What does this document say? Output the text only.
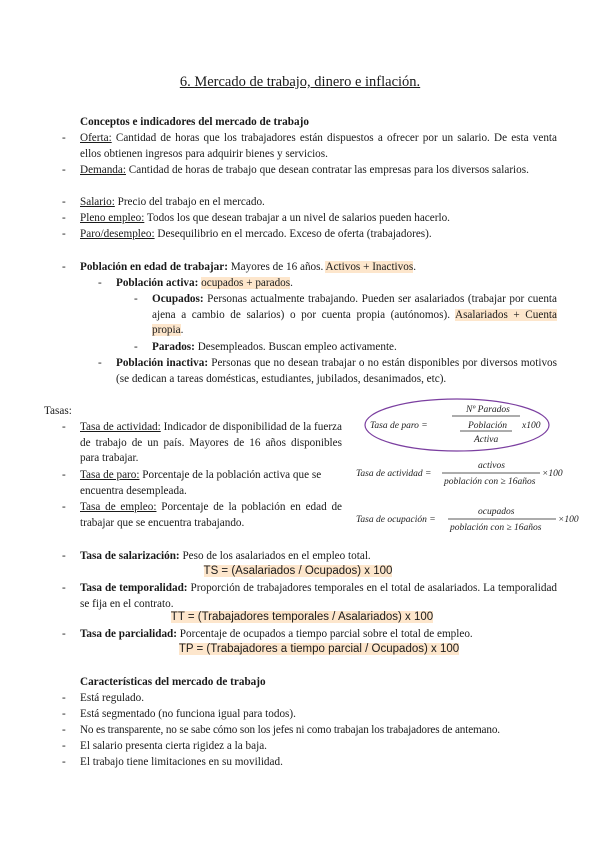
6. Mercado de trabajo, dinero e inflación.
Conceptos e indicadores del mercado de trabajo
- Oferta: Cantidad de horas que los trabajadores están dispuestos a ofrecer por un salario. De esta venta ellos obtienen ingresos para adquirir bienes y servicios.
- Demanda: Cantidad de horas de trabajo que desean contratar las empresas para los diversos salarios.
- Salario: Precio del trabajo en el mercado.
- Pleno empleo: Todos los que desean trabajar a un nivel de salarios pueden hacerlo.
- Paro/desempleo: Desequilibrio en el mercado. Exceso de oferta (trabajadores).
- Población en edad de trabajar: Mayores de 16 años. Activos + Inactivos.
- Población activa: ocupados + parados.
- Ocupados: Personas actualmente trabajando. Pueden ser asalariados (trabajar por cuenta ajena a cambio de salarios) o por cuenta propia (autónomos). Asalariados + Cuenta propia.
- Parados: Desempleados. Buscan empleo activamente.
- Población inactiva: Personas que no desean trabajar o no están disponibles por diversos motivos (se dedican a tareas domésticas, estudiantes, jubilados, desanimados, etc).
Tasas:
- Tasa de actividad: Indicador de disponibilidad de la fuerza de trabajo de un país. Mayores de 16 años disponibles para trabajar.
- Tasa de paro: Porcentaje de la población activa que se encuentra desempleada.
- Tasa de empleo: Porcentaje de la población en edad de trabajar que se encuentra trabajando.
Tasa de paro =
Nº Parados
Población
Activa
x100
Tasa de actividad =
activos
población con ≥ 16años
×100
Tasa de ocupación =
ocupados
población con ≥ 16años
×100
- Tasa de salarización: Peso de los asalariados en el empleo total.
TS = (Asalariados / Ocupados) x 100
- Tasa de temporalidad: Proporción de trabajadores temporales en el total de asalariados. La temporalidad se fija en el contrato.
TT = (Trabajadores temporales / Asalariados) x 100
- Tasa de parcialidad: Porcentaje de ocupados a tiempo parcial sobre el total de empleo.
TP = (Trabajadores a tiempo parcial / Ocupados) x 100
Características del mercado de trabajo
- Está regulado.
- Está segmentado (no funciona igual para todos).
- No es transparente, no se sabe cómo son los jefes ni como trabajan los trabajadores de antemano.
- El salario presenta cierta rigidez a la baja.
- El trabajo tiene limitaciones en su movilidad.
